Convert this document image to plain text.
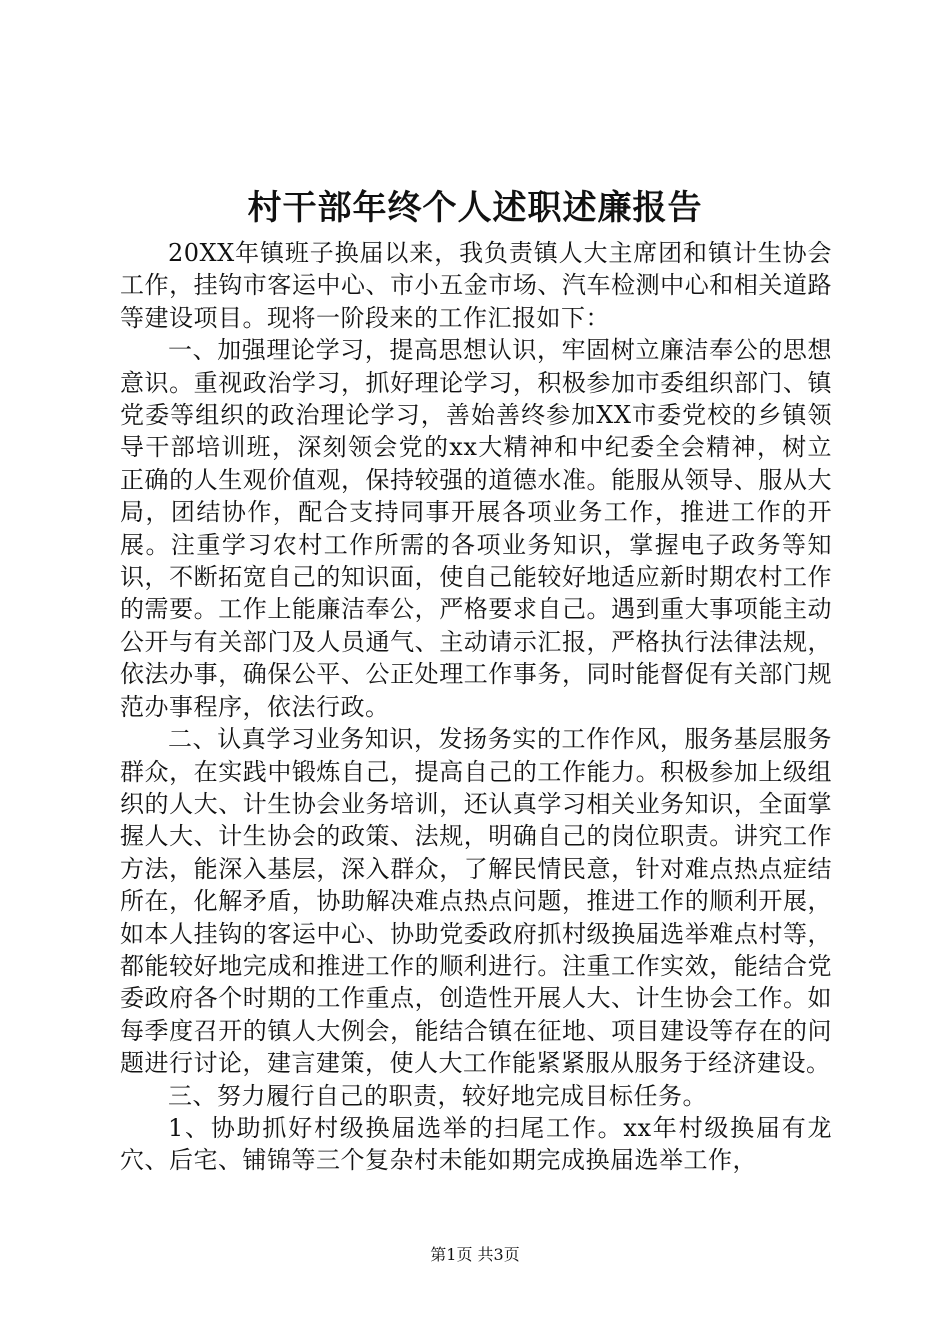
村干部年终个人述职述廉报告

20XX年镇班子换届以来，我负责镇人大主席团和镇计生协会工作，挂钩市客运中心、市小五金市场、汽车检测中心和相关道路等建设项目。现将一阶段来的工作汇报如下：

一、加强理论学习，提高思想认识，牢固树立廉洁奉公的思想意识。重视政治学习，抓好理论学习，积极参加市委组织部门、镇党委等组织的政治理论学习，善始善终参加XX市委党校的乡镇领导干部培训班，深刻领会党的xx大精神和中纪委全会精神，树立正确的人生观价值观，保持较强的道德水准。能服从领导、服从大局，团结协作，配合支持同事开展各项业务工作，推进工作的开展。注重学习农村工作所需的各项业务知识，掌握电子政务等知识，不断拓宽自己的知识面，使自己能较好地适应新时期农村工作的需要。工作上能廉洁奉公，严格要求自己。遇到重大事项能主动公开与有关部门及人员通气、主动请示汇报，严格执行法律法规，依法办事，确保公平、公正处理工作事务，同时能督促有关部门规范办事程序，依法行政。

二、认真学习业务知识，发扬务实的工作作风，服务基层服务群众，在实践中锻炼自己，提高自己的工作能力。积极参加上级组织的人大、计生协会业务培训，还认真学习相关业务知识，全面掌握人大、计生协会的政策、法规，明确自己的岗位职责。讲究工作方法，能深入基层，深入群众，了解民情民意，针对难点热点症结所在，化解矛盾，协助解决难点热点问题，推进工作的顺利开展，如本人挂钩的客运中心、协助党委政府抓村级换届选举难点村等，都能较好地完成和推进工作的顺利进行。注重工作实效，能结合党委政府各个时期的工作重点，创造性开展人大、计生协会工作。如每季度召开的镇人大例会，能结合镇在征地、项目建设等存在的问题进行讨论，建言建策，使人大工作能紧紧服从服务于经济建设。

三、努力履行自己的职责，较好地完成目标任务。

1、协助抓好村级换届选举的扫尾工作。xx年村级换届有龙穴、后宅、铺锦等三个复杂村未能如期完成换届选举工作，

第1页 共3页
